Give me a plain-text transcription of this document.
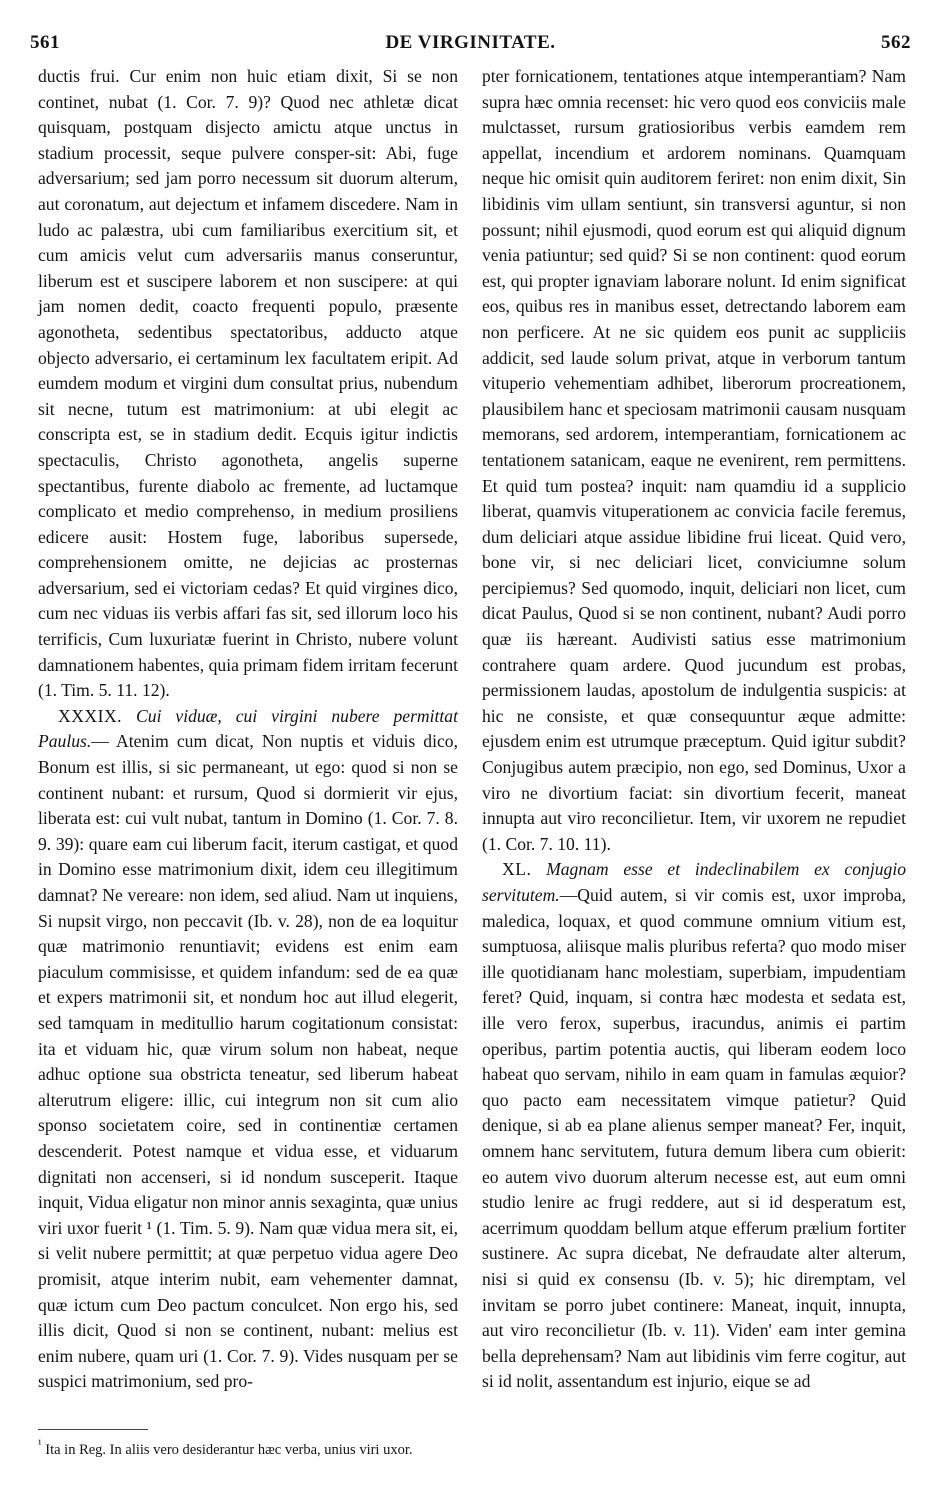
561	DE VIRGINITATE.	562

ductis frui. Cur enim non huic etiam dixit, Si se non continet, nubat (1. Cor. 7. 9)? Quod nec athletæ dicat quisquam, postquam disjecto amictu atque unctus in stadium processit, seque pulvere consper-sit: Abi, fuge adversarium; sed jam porro necessum sit duorum alterum, aut coronatum, aut dejectum et infamem discedere. Nam in ludo ac palæstra, ubi cum familiaribus exercitium sit, et cum amicis velut cum adversariis manus conseruntur, liberum est et suscipere laborem et non suscipere: at qui jam nomen dedit, coacto frequenti populo, præsente agonotheta, sedentibus spectatoribus, adducto atque objecto adversario, ei certaminum lex facultatem eripit. Ad eumdem modum et virgini dum consultat prius, nubendum sit necne, tutum est matrimonium: at ubi elegit ac conscripta est, se in stadium dedit. Ecquis igitur indictis spectaculis, Christo agonotheta, angelis superne spectantibus, furente diabolo ac fremente, ad luctamque complicato et medio comprehenso, in medium prosiliens edicere ausit: Hostem fuge, laboribus supersede, comprehensionem omitte, ne dejicias ac prosternas adversarium, sed ei victoriam cedas? Et quid virgines dico, cum nec viduas iis verbis affari fas sit, sed illorum loco his terrificis, Cum luxuriatæ fuerint in Christo, nubere volunt damnationem habentes, quia primam fidem irritam fecerunt (1. Tim. 5. 11. 12).

XXXIX. Cui viduæ, cui virgini nubere permittat Paulus.— Atenim cum dicat, Non nuptis et viduis dico, Bonum est illis, si sic permaneant, ut ego: quod si non se continent nubant: et rursum, Quod si dormierit vir ejus, liberata est: cui vult nubat, tantum in Domino (1. Cor. 7. 8. 9. 39): quare eam cui liberum facit, iterum castigat, et quod in Domino esse matrimonium dixit, idem ceu illegitimum damnat? Ne vereare: non idem, sed aliud. Nam ut inquiens, Si nupsit virgo, non peccavit (Ib. v. 28), non de ea loquitur quæ matrimonio renuntiavit; evidens est enim eam piaculum commisisse, et quidem infandum: sed de ea quæ et expers matrimonii sit, et nondum hoc aut illud elegerit, sed tamquam in meditullio harum cogitationum consistat: ita et viduam hic, quæ virum solum non habeat, neque adhuc optione sua obstricta teneatur, sed liberum habeat alterutrum eligere: illic, cui integrum non sit cum alio sponso societatem coire, sed in continentiæ certamen descenderit. Potest namque et vidua esse, et viduarum dignitati non accenseri, si id nondum susceperit. Itaque inquit, Vidua eligatur non minor annis sexaginta, quæ unius viri uxor fuerit ¹ (1. Tim. 5. 9). Nam quæ vidua mera sit, ei, si velit nubere permittit; at quæ perpetuo vidua agere Deo promisit, atque interim nubit, eam vehementer damnat, quæ ictum cum Deo pactum conculcet. Non ergo his, sed illis dicit, Quod si non se continent, nubant: melius est enim nubere, quam uri (1. Cor. 7. 9). Vides nusquam per se suspici matrimonium, sed pro-

pter fornicationem, tentationes atque intemperantiam? Nam supra hæc omnia recenset: hic vero quod eos conviciis male mulctasset, rursum gratiosioribus verbis eamdem rem appellat, incendium et ardorem nominans. Quamquam neque hic omisit quin auditorem feriret: non enim dixit, Sin libidinis vim ullam sentiunt, sin transversi aguntur, si non possunt; nihil ejusmodi, quod eorum est qui aliquid dignum venia patiuntur; sed quid? Si se non continent: quod eorum est, qui propter ignaviam laborare nolunt. Id enim significat eos, quibus res in manibus esset, detrectando laborem eam non perficere. At ne sic quidem eos punit ac suppliciis addicit, sed laude solum privat, atque in verborum tantum vituperio vehementiam adhibet, liberorum procreationem, plausibilem hanc et speciosam matrimonii causam nusquam memorans, sed ardorem, intemperantiam, fornicationem ac tentationem satanicam, eaque ne evenirent, rem permittens. Et quid tum postea? inquit: nam quamdiu id a supplicio liberat, quamvis vituperationem ac convicia facile feremus, dum deliciari atque assidue libidine frui liceat. Quid vero, bone vir, si nec deliciari licet, conviciumne solum percipiemus? Sed quomodo, inquit, deliciari non licet, cum dicat Paulus, Quod si se non continent, nubant? Audi porro quæ iis hæreant. Audivisti satius esse matrimonium contrahere quam ardere. Quod jucundum est probas, permissionem laudas, apostolum de indulgentia suspicis: at hic ne consiste, et quæ consequuntur æque admitte: ejusdem enim est utrumque præceptum. Quid igitur subdit? Conjugibus autem præcipio, non ego, sed Dominus, Uxor a viro ne divortium faciat: sin divortium fecerit, maneat innupta aut viro reconcilietur. Item, vir uxorem ne repudiet (1. Cor. 7. 10. 11).

XL. Magnam esse et indeclinabilem ex conjugio servitutem.—Quid autem, si vir comis est, uxor improba, maledica, loquax, et quod commune omnium vitium est, sumptuosa, aliisque malis pluribus referta? quo modo miser ille quotidianam hanc molestiam, superbiam, impudentiam feret? Quid, inquam, si contra hæc modesta et sedata est, ille vero ferox, superbus, iracundus, animis ei partim operibus, partim potentia auctis, qui liberam eodem loco habeat quo servam, nihilo in eam quam in famulas æquior? quo pacto eam necessitatem vimque patietur? Quid denique, si ab ea plane alienus semper maneat? Fer, inquit, omnem hanc servitutem, futura demum libera cum obierit: eo autem vivo duorum alterum necesse est, aut eum omni studio lenire ac frugi reddere, aut si id desperatum est, acerrimum quoddam bellum atque efferum prælium fortiter sustinere. Ac supra dicebat, Ne defraudate alter alterum, nisi si quid ex consensu (Ib. v. 5); hic diremptam, vel invitam se porro jubet continere: Maneat, inquit, innupta, aut viro reconcilietur (Ib. v. 11). Viden' eam inter gemina bella deprehensam? Nam aut libidinis vim ferre cogitur, aut si id nolit, assentandum est injurio, eique se ad

$^{^1}$ Ita in Reg. In aliis vero desiderantur hæc verba, unius viri uxor.
